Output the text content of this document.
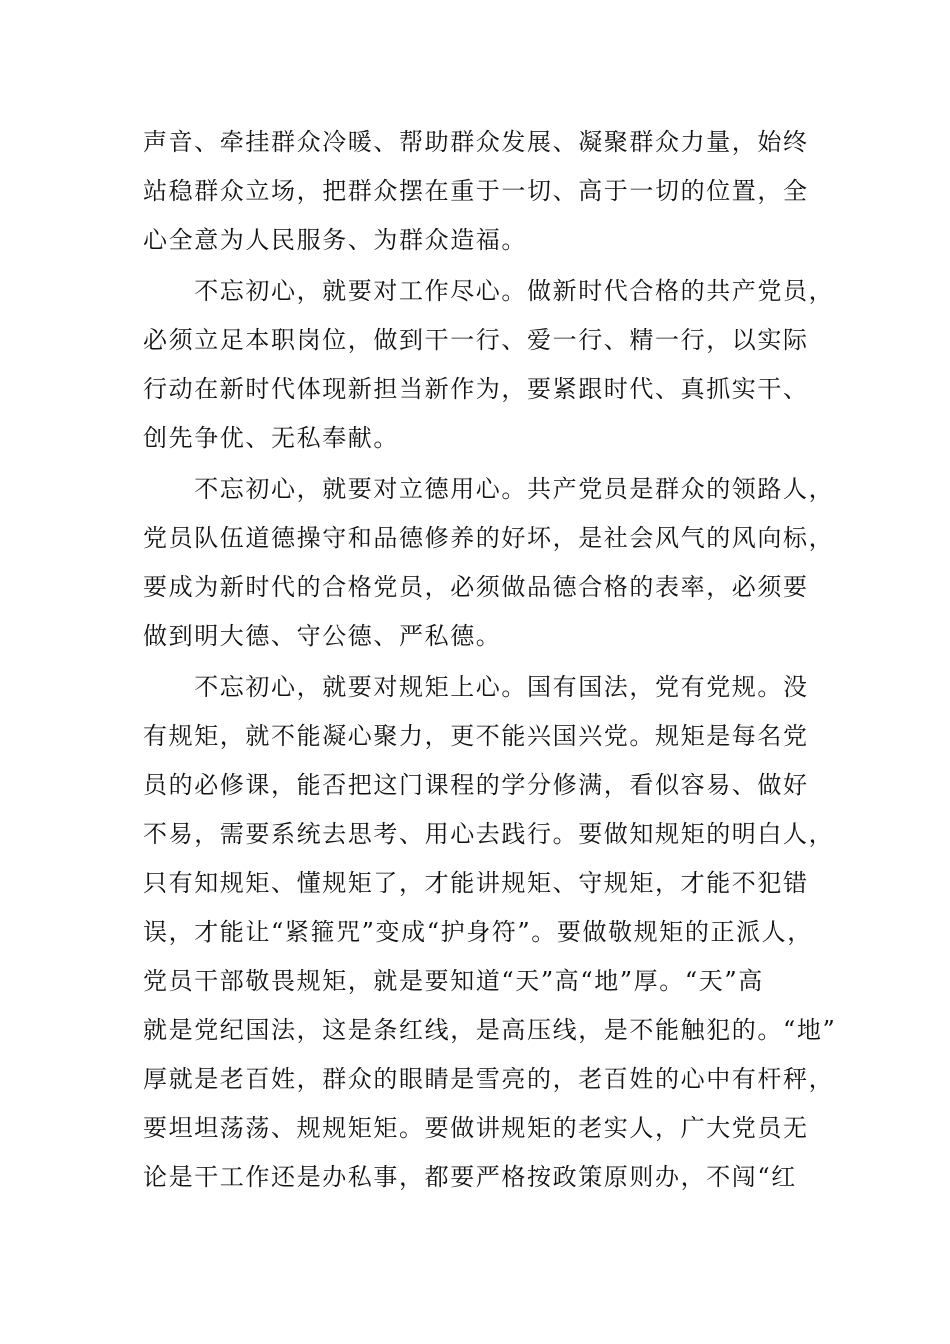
声音、牵挂群众冷暖、帮助群众发展、凝聚群众力量，始终
站稳群众立场，把群众摆在重于一切、高于一切的位置，全
心全意为人民服务、为群众造福。
　　不忘初心，就要对工作尽心。做新时代合格的共产党员，
必须立足本职岗位，做到干一行、爱一行、精一行，以实际
行动在新时代体现新担当新作为，要紧跟时代、真抓实干、
创先争优、无私奉献。
　　不忘初心，就要对立德用心。共产党员是群众的领路人，
党员队伍道德操守和品德修养的好坏，是社会风气的风向标，
要成为新时代的合格党员，必须做品德合格的表率，必须要
做到明大德、守公德、严私德。
　　不忘初心，就要对规矩上心。国有国法，党有党规。没
有规矩，就不能凝心聚力，更不能兴国兴党。规矩是每名党
员的必修课，能否把这门课程的学分修满，看似容易、做好
不易，需要系统去思考、用心去践行。要做知规矩的明白人，
只有知规矩、懂规矩了，才能讲规矩、守规矩，才能不犯错
误，才能让“紧箍咒”变成“护身符”。要做敬规矩的正派人，
党员干部敬畏规矩，就是要知道“天”高“地”厚。“天”高
就是党纪国法，这是条红线，是高压线，是不能触犯的。“地”
厚就是老百姓，群众的眼睛是雪亮的，老百姓的心中有杆秤，
要坦坦荡荡、规规矩矩。要做讲规矩的老实人，广大党员无
论是干工作还是办私事，都要严格按政策原则办，不闯“红
